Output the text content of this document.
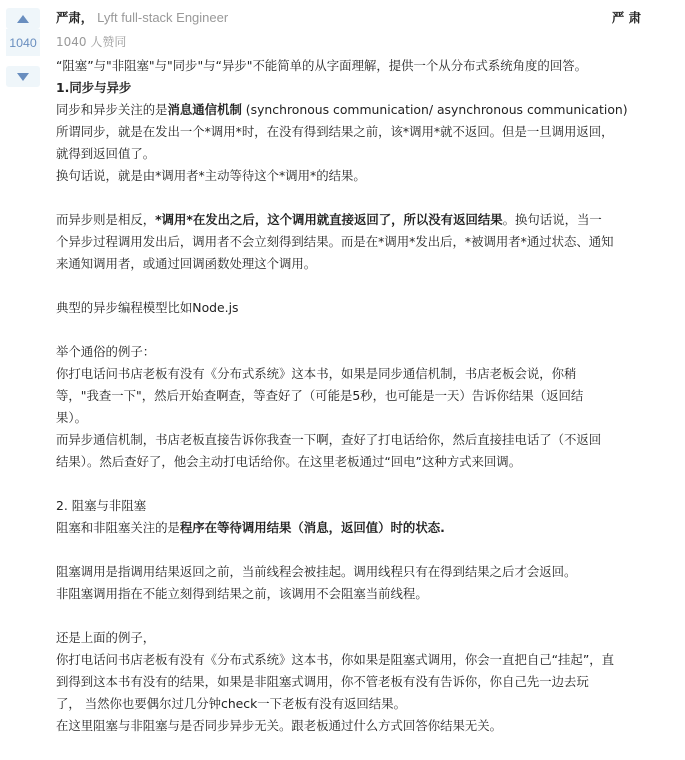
1040
严肃， Lyft full-stack Engineer	严 肃
1040 人赞同

“阻塞”与"非阻塞"与"同步"与“异步"不能简单的从字面理解，提供一个从分布式系统角度的回答。

1.同步与异步

同步和异步关注的是消息通信机制 (synchronous communication/ asynchronous communication)

所谓同步，就是在发出一个*调用*时，在没有得到结果之前，该*调用*就不返回。但是一旦调用返回，

就得到返回值了。

换句话说，就是由*调用者*主动等待这个*调用*的结果。

而异步则是相反，*调用*在发出之后，这个调用就直接返回了，所以没有返回结果。换句话说，当一

个异步过程调用发出后，调用者不会立刻得到结果。而是在*调用*发出后，*被调用者*通过状态、通知

来通知调用者，或通过回调函数处理这个调用。

典型的异步编程模型比如Node.js

举个通俗的例子：

你打电话问书店老板有没有《分布式系统》这本书，如果是同步通信机制，书店老板会说，你稍

等，"我查一下"，然后开始查啊查，等查好了（可能是5秒，也可能是一天）告诉你结果（返回结

果）。

而异步通信机制，书店老板直接告诉你我查一下啊，查好了打电话给你，然后直接挂电话了（不返回

结果）。然后查好了，他会主动打电话给你。在这里老板通过“回电”这种方式来回调。

2. 阻塞与非阻塞

阻塞和非阻塞关注的是程序在等待调用结果（消息，返回值）时的状态.

阻塞调用是指调用结果返回之前，当前线程会被挂起。调用线程只有在得到结果之后才会返回。

非阻塞调用指在不能立刻得到结果之前，该调用不会阻塞当前线程。

还是上面的例子，

你打电话问书店老板有没有《分布式系统》这本书，你如果是阻塞式调用，你会一直把自己“挂起”，直

到得到这本书有没有的结果，如果是非阻塞式调用，你不管老板有没有告诉你，你自己先一边去玩

了， 当然你也要偶尔过几分钟check一下老板有没有返回结果。

在这里阻塞与非阻塞与是否同步异步无关。跟老板通过什么方式回答你结果无关。
